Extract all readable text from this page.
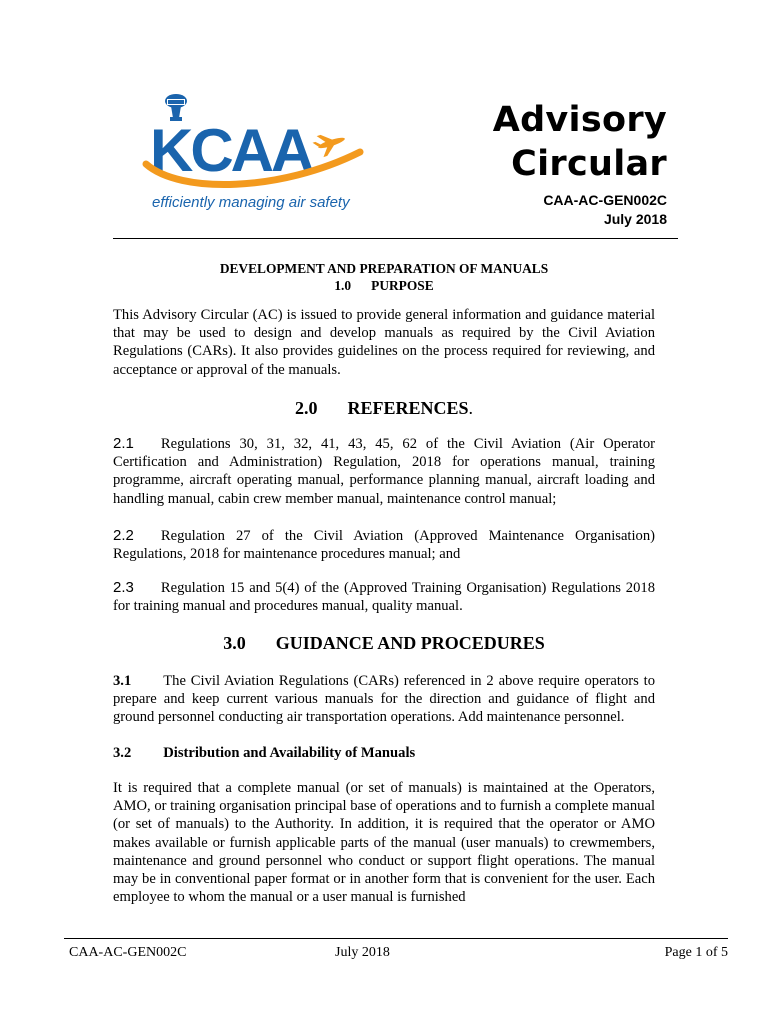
KCAA
efficiently managing air safety
Advisory
Circular
CAA-AC-GEN002C
July 2018
DEVELOPMENT AND PREPARATION OF MANUALS
1.0      PURPOSE
This Advisory Circular (AC) is issued to provide general information and guidance material that may be used to design and develop manuals as required by the Civil Aviation Regulations (CARs). It also provides guidelines on the process required for reviewing, and acceptance or approval of the manuals.
2.0 REFERENCES.
2.1 Regulations 30, 31, 32, 41, 43, 45, 62 of the Civil Aviation (Air Operator Certification and Administration) Regulation, 2018 for operations manual, training programme, aircraft operating manual, performance planning manual, aircraft loading and handling manual, cabin crew member manual, maintenance control manual;
2.2 Regulation 27 of the Civil Aviation (Approved Maintenance Organisation) Regulations, 2018 for maintenance procedures manual; and
2.3 Regulation 15 and 5(4) of the (Approved Training Organisation) Regulations 2018 for training manual and procedures manual, quality manual.
3.0 GUIDANCE AND PROCEDURES
3.1 The Civil Aviation Regulations (CARs) referenced in 2 above require operators to prepare and keep current various manuals for the direction and guidance of flight and ground personnel conducting air transportation operations. Add maintenance personnel.
3.2 Distribution and Availability of Manuals
It is required that a complete manual (or set of manuals) is maintained at the Operators, AMO, or training organisation principal base of operations and to furnish a complete manual (or set of manuals) to the Authority. In addition, it is required that the operator or AMO makes available or furnish applicable parts of the manual (user manuals) to crewmembers, maintenance and ground personnel who conduct or support flight operations. The manual may be in conventional paper format or in another form that is convenient for the user. Each employee to whom the manual or a user manual is furnished
CAA-AC-GEN002C	July 2018	Page 1 of 5
